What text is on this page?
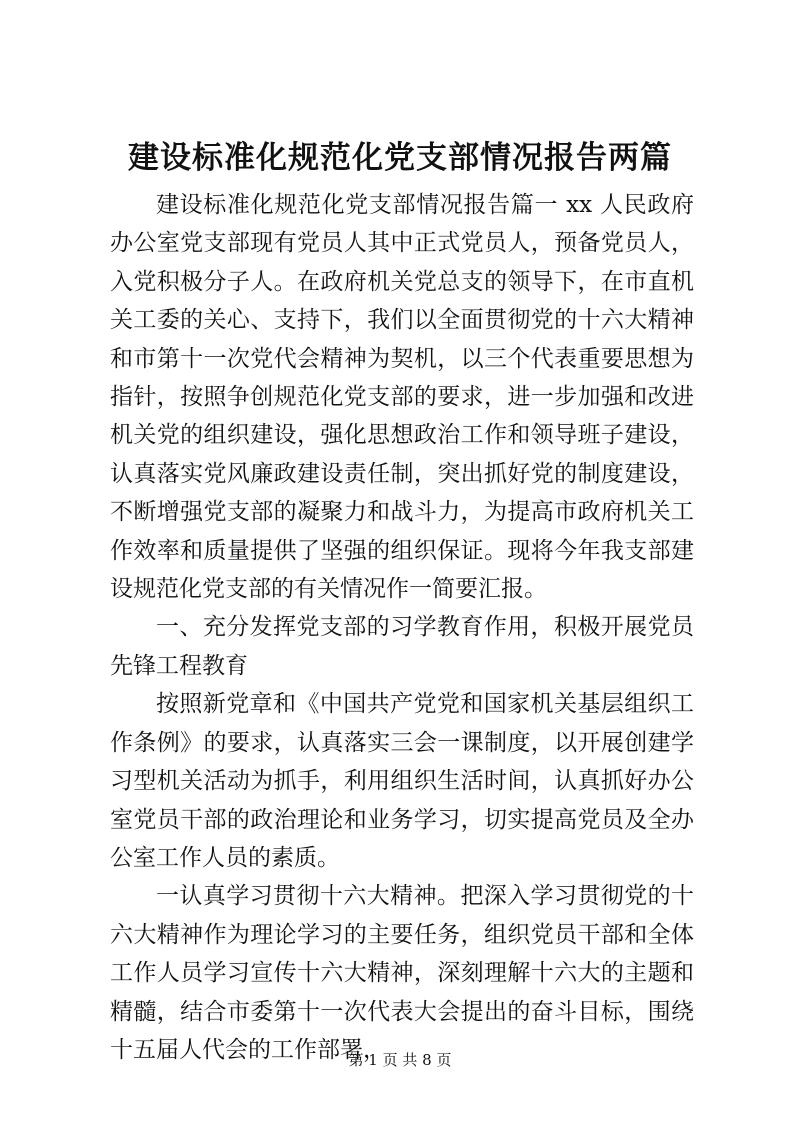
建设标准化规范化党支部情况报告两篇

建设标准化规范化党支部情况报告篇一 xx 人民政府办公室党支部现有党员人其中正式党员人，预备党员人，入党积极分子人。在政府机关党总支的领导下，在市直机关工委的关心、支持下，我们以全面贯彻党的十六大精神和市第十一次党代会精神为契机，以三个代表重要思想为指针，按照争创规范化党支部的要求，进一步加强和改进机关党的组织建设，强化思想政治工作和领导班子建设，认真落实党风廉政建设责任制，突出抓好党的制度建设，不断增强党支部的凝聚力和战斗力，为提高市政府机关工作效率和质量提供了坚强的组织保证。现将今年我支部建设规范化党支部的有关情况作一简要汇报。

一、充分发挥党支部的习学教育作用，积极开展党员先锋工程教育

按照新党章和《中国共产党党和国家机关基层组织工作条例》的要求，认真落实三会一课制度，以开展创建学习型机关活动为抓手，利用组织生活时间，认真抓好办公室党员干部的政治理论和业务学习，切实提高党员及全办公室工作人员的素质。

一认真学习贯彻十六大精神。把深入学习贯彻党的十六大精神作为理论学习的主要任务，组织党员干部和全体工作人员学习宣传十六大精神，深刻理解十六大的主题和精髓，结合市委第十一次代表大会提出的奋斗目标，围绕十五届人代会的工作部署，

第 1 页 共 8 页
